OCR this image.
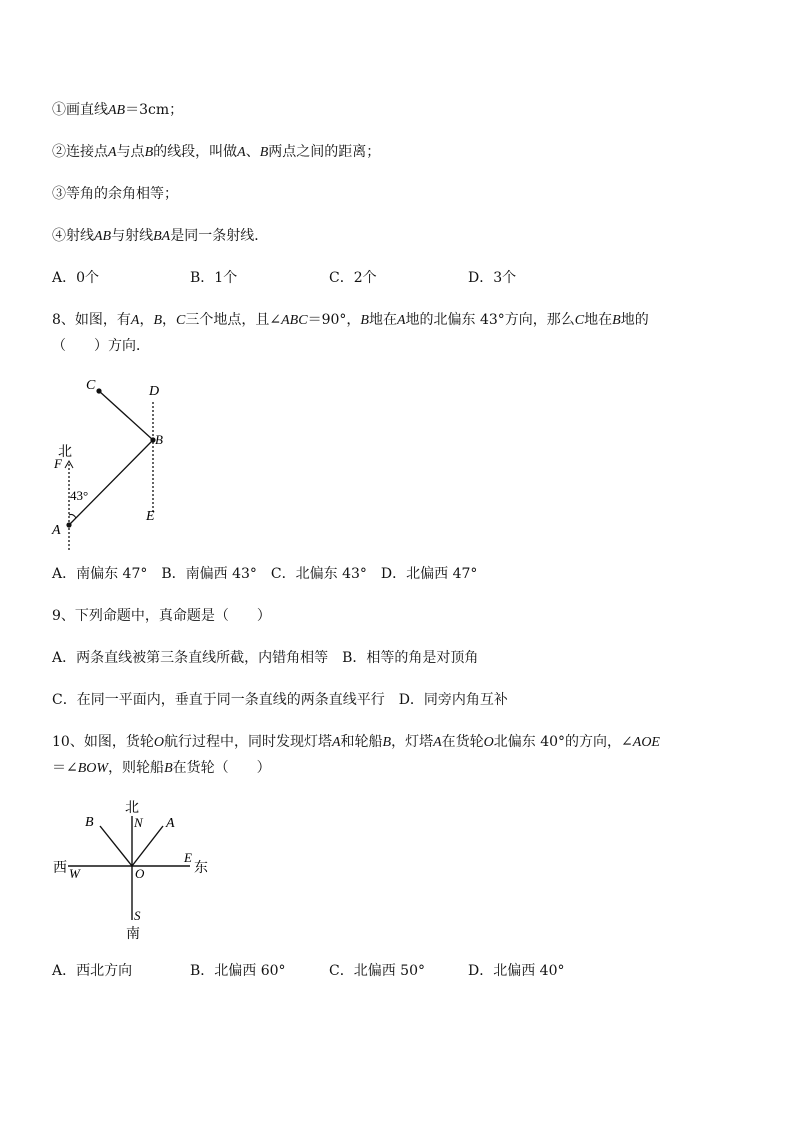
①画直线AB＝3cm；
②连接点A与点B的线段，叫做A、B两点之间的距离；
③等角的余角相等；
④射线AB与射线BA是同一条射线．
A．0个	B．1个	C．2个	D．3个
8、如图，有A，B，C三个地点，且∠ABC＝90°，B地在A地的北偏东 43°方向，那么C地在B地的
（　　）方向．
C	D
B
北
F
43°
A
E
A．南偏东 47°　B．南偏西 43°　C．北偏东 43°　D．北偏西 47°
9、下列命题中，真命题是（　　）
A．两条直线被第三条直线所截，内错角相等　B．相等的角是对顶角
C．在同一平面内，垂直于同一条直线的两条直线平行　D．同旁内角互补
10、如图，货轮O航行过程中，同时发现灯塔A和轮船B，灯塔A在货轮O北偏东 40°的方向，∠AOE
＝∠BOW，则轮船B在货轮（　　）
北
N
B	A
西 W	O
E
东
S
南
A．西北方向	B．北偏西 60°	C．北偏西 50°	D．北偏西 40°
